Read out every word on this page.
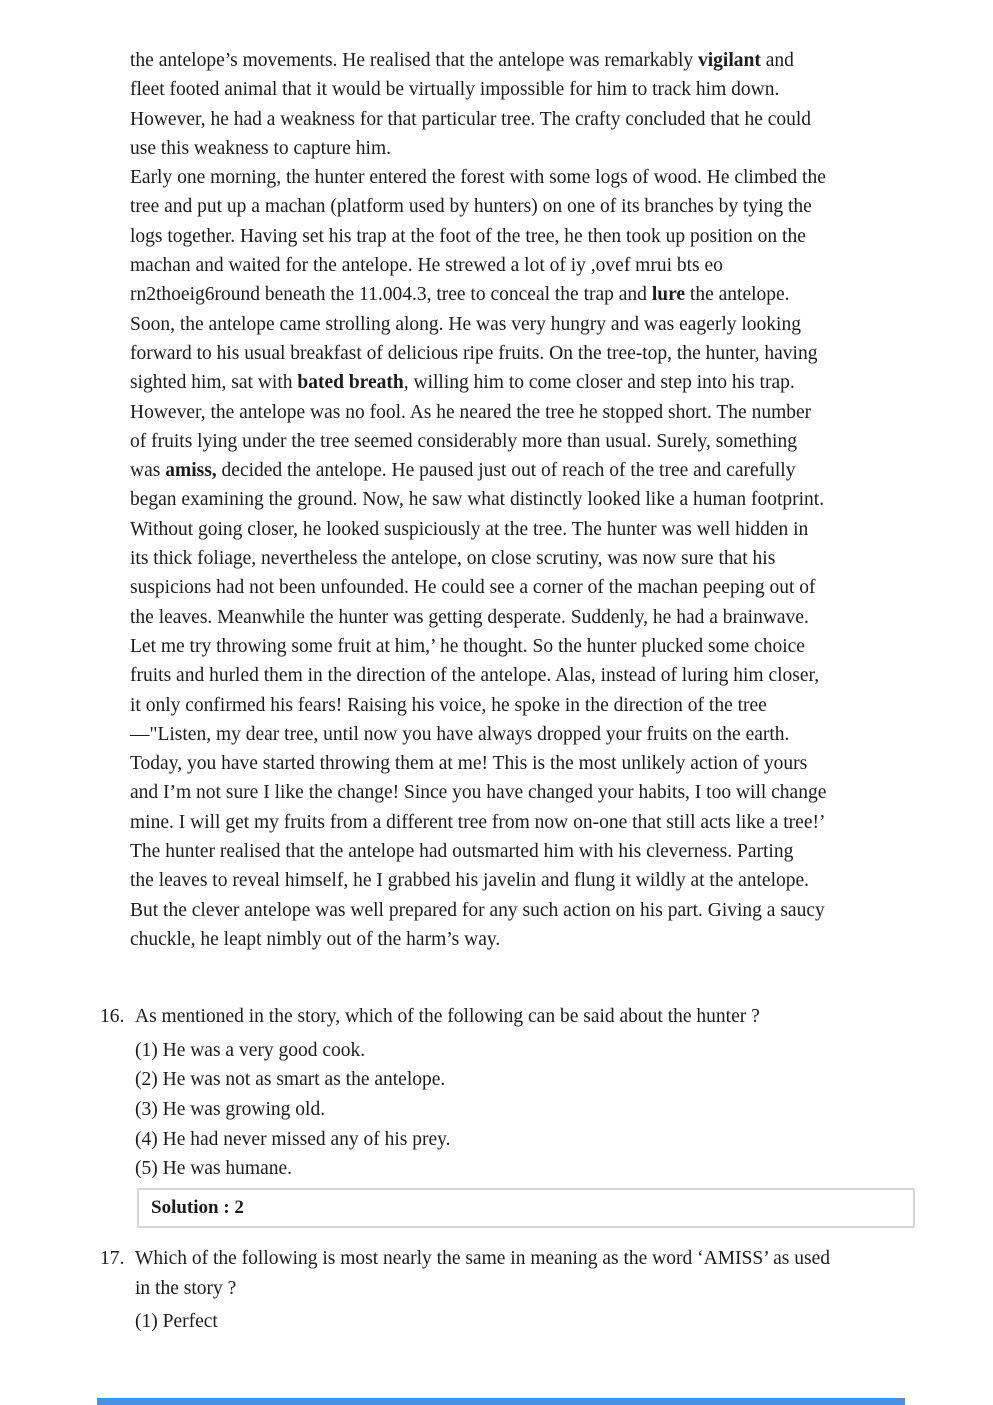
the antelope’s movements. He realised that the antelope was remarkably vigilant and
fleet footed animal that it would be virtually impossible for him to track him down.
However, he had a weakness for that particular tree. The crafty concluded that he could
use this weakness to capture him.
Early one morning, the hunter entered the forest with some logs of wood. He climbed the
tree and put up a machan (platform used by hunters) on one of its branches by tying the
logs together. Having set his trap at the foot of the tree, he then took up position on the
machan and waited for the antelope. He strewed a lot of iy ,ovef mrui bts eo
rn2thoeig6round beneath the 11.004.3, tree to conceal the trap and lure the antelope.
Soon, the antelope came strolling along. He was very hungry and was eagerly looking
forward to his usual breakfast of delicious ripe fruits. On the tree-top, the hunter, having
sighted him, sat with bated breath, willing him to come closer and step into his trap.
However, the antelope was no fool. As he neared the tree he stopped short. The number
of fruits lying under the tree seemed considerably more than usual. Surely, something
was amiss, decided the antelope. He paused just out of reach of the tree and carefully
began examining the ground. Now, he saw what distinctly looked like a human footprint.
Without going closer, he looked suspiciously at the tree. The hunter was well hidden in
its thick foliage, nevertheless the antelope, on close scrutiny, was now sure that his
suspicions had not been unfounded. He could see a corner of the machan peeping out of
the leaves. Meanwhile the hunter was getting desperate. Suddenly, he had a brainwave.
Let me try throwing some fruit at him,’ he thought. So the hunter plucked some choice
fruits and hurled them in the direction of the antelope. Alas, instead of luring him closer,
it only confirmed his fears! Raising his voice, he spoke in the direction of the tree
—"Listen, my dear tree, until now you have always dropped your fruits on the earth.
Today, you have started throwing them at me! This is the most unlikely action of yours
and I’m not sure I like the change! Since you have changed your habits, I too will change
mine. I will get my fruits from a different tree from now on-one that still acts like a tree!’
The hunter realised that the antelope had outsmarted him with his cleverness. Parting
the leaves to reveal himself, he I grabbed his javelin and flung it wildly at the antelope.
But the clever antelope was well prepared for any such action on his part. Giving a saucy
chuckle, he leapt nimbly out of the harm’s way.
16. As mentioned in the story, which of the following can be said about the hunter ?
(1) He was a very good cook.
(2) He was not as smart as the antelope.
(3) He was growing old.
(4) He had never missed any of his prey.
(5) He was humane.
Solution : 2
17. Which of the following is most nearly the same in meaning as the word ‘AMISS’ as used
in the story ?
(1) Perfect
